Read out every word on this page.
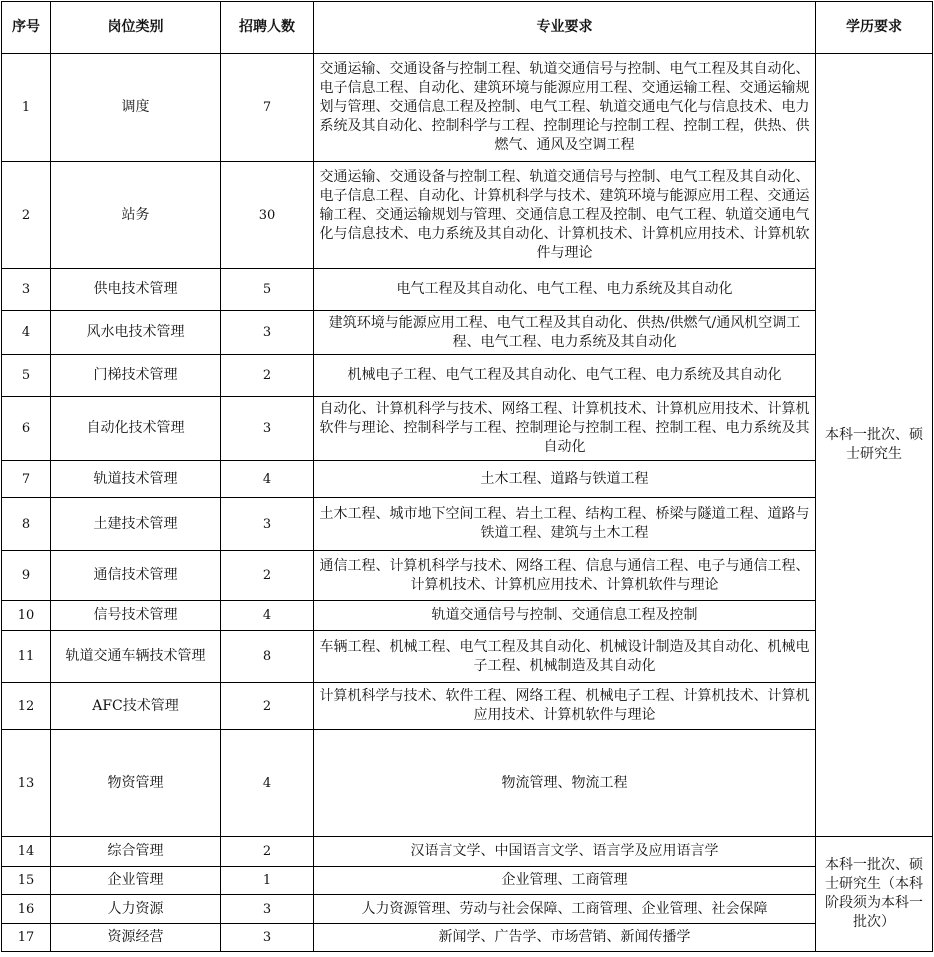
序号	岗位类别	招聘人数	专业要求	学历要求
1	调度	7	交通运输、交通设备与控制工程、轨道交通信号与控制、电气工程及其自动化、电子信息工程、自动化、建筑环境与能源应用工程、交通运输工程、交通运输规划与管理、交通信息工程及控制、电气工程、轨道交通电气化与信息技术、电力系统及其自动化、控制科学与工程、控制理论与控制工程、控制工程，供热、供燃气、通风及空调工程	本科一批次、硕士研究生
2	站务	30	交通运输、交通设备与控制工程、轨道交通信号与控制、电气工程及其自动化、电子信息工程、自动化、计算机科学与技术、建筑环境与能源应用工程、交通运输工程、交通运输规划与管理、交通信息工程及控制、电气工程、轨道交通电气化与信息技术、电力系统及其自动化、计算机技术、计算机应用技术、计算机软件与理论	
3	供电技术管理	5	电气工程及其自动化、电气工程、电力系统及其自动化	
4	风水电技术管理	3	建筑环境与能源应用工程、电气工程及其自动化、供热/供燃气/通风机空调工程、电气工程、电力系统及其自动化	
5	门梯技术管理	2	机械电子工程、电气工程及其自动化、电气工程、电力系统及其自动化	
6	自动化技术管理	3	自动化、计算机科学与技术、网络工程、计算机技术、计算机应用技术、计算机软件与理论、控制科学与工程、控制理论与控制工程、控制工程、电力系统及其自动化	
7	轨道技术管理	4	土木工程、道路与铁道工程	
8	土建技术管理	3	土木工程、城市地下空间工程、岩土工程、结构工程、桥梁与隧道工程、道路与铁道工程、建筑与土木工程	
9	通信技术管理	2	通信工程、计算机科学与技术、网络工程、信息与通信工程、电子与通信工程、计算机技术、计算机应用技术、计算机软件与理论	
10	信号技术管理	4	轨道交通信号与控制、交通信息工程及控制	
11	轨道交通车辆技术管理	8	车辆工程、机械工程、电气工程及其自动化、机械设计制造及其自动化、机械电子工程、机械制造及其自动化	
12	AFC技术管理	2	计算机科学与技术、软件工程、网络工程、机械电子工程、计算机技术、计算机应用技术、计算机软件与理论	
13	物资管理	4	物流管理、物流工程	
14	综合管理	2	汉语言文学、中国语言文学、语言学及应用语言学	本科一批次、硕士研究生（本科阶段须为本科一批次）
15	企业管理	1	企业管理、工商管理	
16	人力资源	3	人力资源管理、劳动与社会保障、工商管理、企业管理、社会保障	
17	资源经营	3	新闻学、广告学、市场营销、新闻传播学	
